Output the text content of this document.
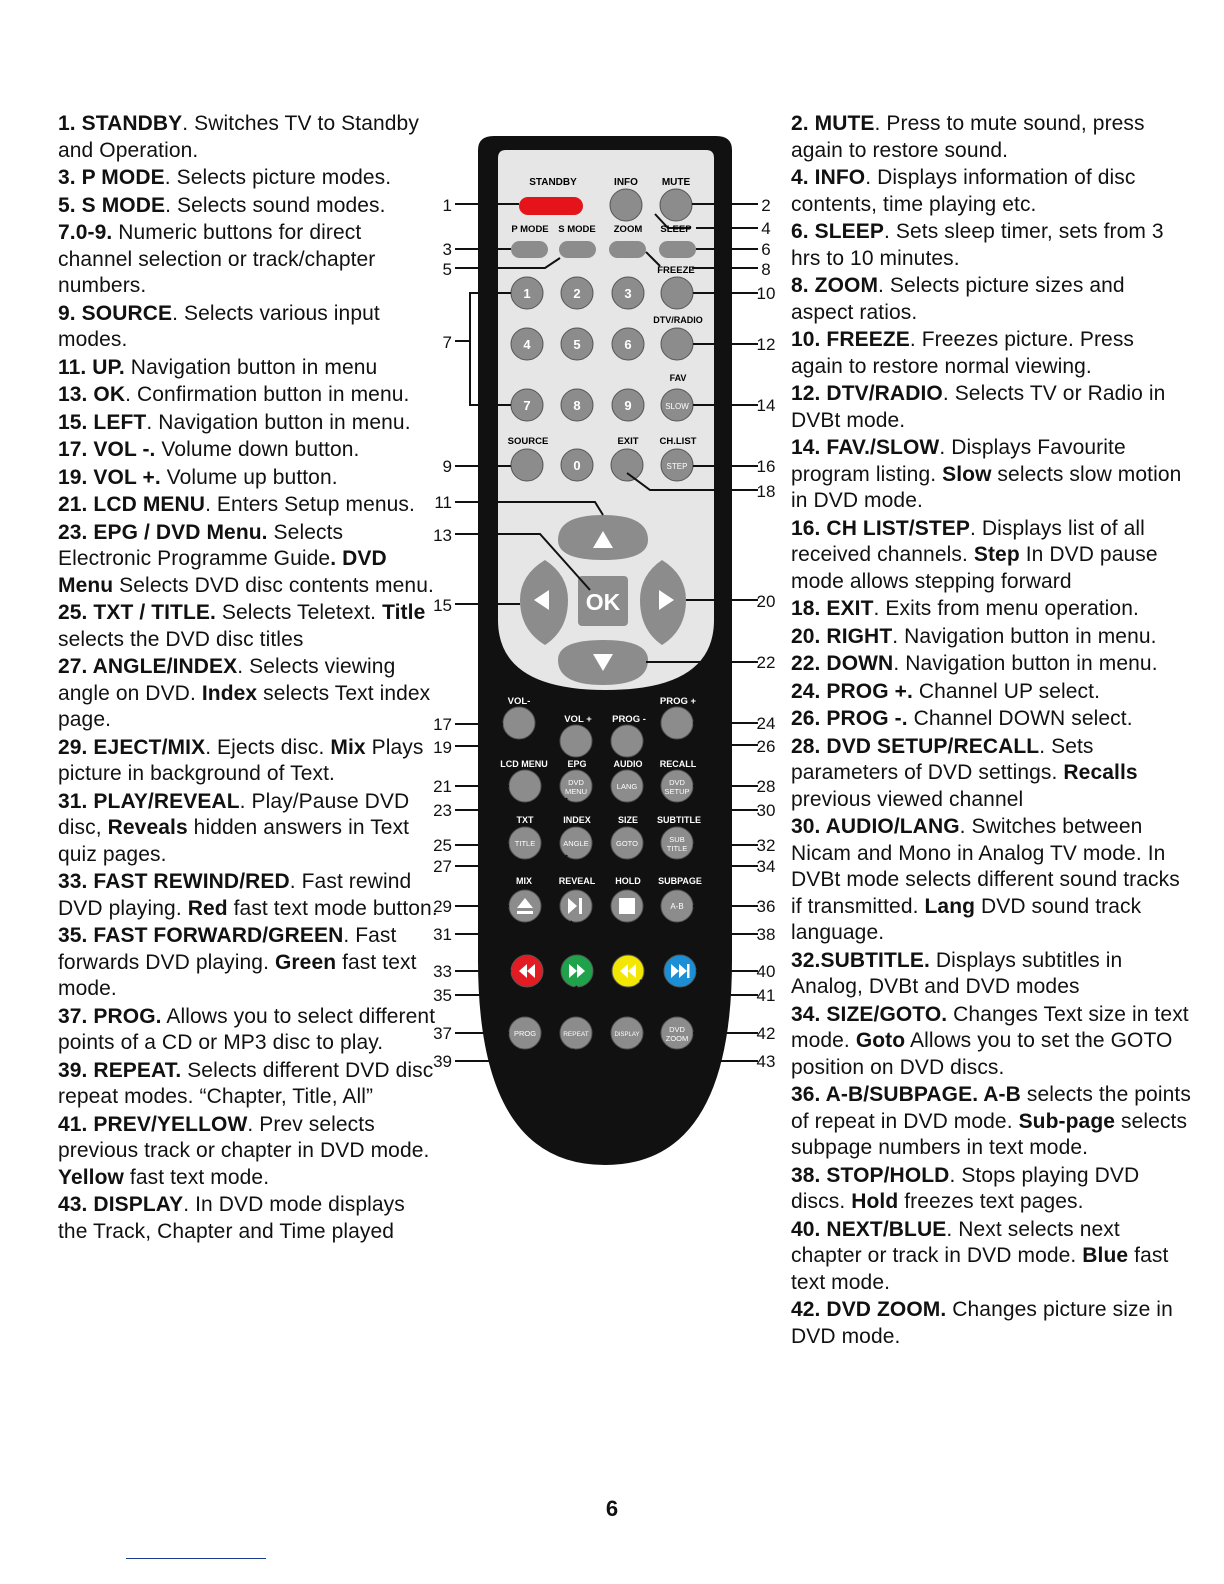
1. STANDBY. Switches TV to Standby and Operation.
3. P MODE. Selects picture modes.
5. S MODE. Selects sound modes.
7.0-9. Numeric buttons for direct channel selection or track/chapter numbers.
9. SOURCE. Selects various input modes.
11. UP. Navigation button in menu
13. OK. Confirmation button in menu.
15. LEFT. Navigation button in menu.
17. VOL -. Volume down button.
19. VOL +. Volume up button.
21. LCD MENU. Enters Setup menus.
23. EPG / DVD Menu. Selects Electronic Programme Guide. DVD Menu Selects DVD disc contents menu.
25. TXT / TITLE. Selects Teletext. Title selects the DVD disc titles
27. ANGLE/INDEX. Selects viewing angle on DVD. Index selects Text index page.
29. EJECT/MIX. Ejects disc. Mix Plays picture in background of Text.
31. PLAY/REVEAL. Play/Pause DVD disc, Reveals hidden answers in Text quiz pages.
33. FAST REWIND/RED. Fast rewind DVD playing. Red fast text mode button.
35. FAST FORWARD/GREEN. Fast forwards DVD playing. Green fast text mode.
37. PROG. Allows you to select different points of a CD or MP3 disc to play.
39. REPEAT. Selects different DVD disc repeat modes. “Chapter, Title, All”
41. PREV/YELLOW. Prev selects previous track or chapter in DVD mode. Yellow fast text mode.
43. DISPLAY. In DVD mode displays the Track, Chapter and Time played
2. MUTE. Press to mute sound, press again to restore sound.
4. INFO. Displays information of disc contents, time playing etc.
6. SLEEP. Sets sleep timer, sets from 3 hrs to 10 minutes.
8. ZOOM. Selects picture sizes and aspect ratios.
10. FREEZE. Freezes picture. Press again to restore normal viewing.
12. DTV/RADIO. Selects TV or Radio in DVBt mode.
14. FAV./SLOW. Displays Favourite program listing. Slow selects slow motion in DVD mode.
16. CH LIST/STEP. Displays list of all received channels. Step In DVD pause mode allows stepping forward
18. EXIT. Exits from menu operation.
20. RIGHT. Navigation button in menu.
22. DOWN. Navigation button in menu.
24. PROG +. Channel UP select.
26. PROG -. Channel DOWN select.
28. DVD SETUP/RECALL. Sets parameters of DVD settings. Recalls previous viewed channel
30. AUDIO/LANG. Switches between Nicam and Mono in Analog TV mode. In DVBt mode selects different sound tracks if transmitted. Lang DVD sound track language.
32.SUBTITLE. Displays subtitles in Analog, DVBt and DVD modes
34. SIZE/GOTO. Changes Text size in text mode. Goto Allows you to set the GOTO position on DVD discs.
36. A-B/SUBPAGE. A-B selects the points of repeat in DVD mode. Sub-page selects subpage numbers in text mode.
38. STOP/HOLD. Stops playing DVD discs. Hold freezes text pages.
40. NEXT/BLUE. Next selects next chapter or track in DVD mode. Blue fast text mode.
42. DVD ZOOM. Changes picture size in DVD mode.
STANDBY	INFO MUTE
P MODE S MODE ZOOM SLEEP
FREEZE
1	2	3
4	5	6
7	8	9
DTV/RADIO
FAV
SLOW
SOURCE	EXIT CH.LIST
0	STEP
OK
VOL-	PROG +
VOL + PROG -
LCD MENU EPG	AUDIO RECALL
DVD
MENU
LANG	DVD
SETUP
TXT	INDEX	SIZE SUBTITLE
TITLE	ANGLE	GOTO	SUB
TITLE
MIX	REVEAL HOLD SUBPAGE
A-B
PROG	REPEAT	DISPLAY
DVD
ZOOM
1
3
5
7
9
11
13
15
17
19
21
23
25
27
29
31
33
35
37
39
2
4
6
8
10
12
14
16
18
20
22
24
26
28
30
32
34
36
38
40
41
42
43
6
